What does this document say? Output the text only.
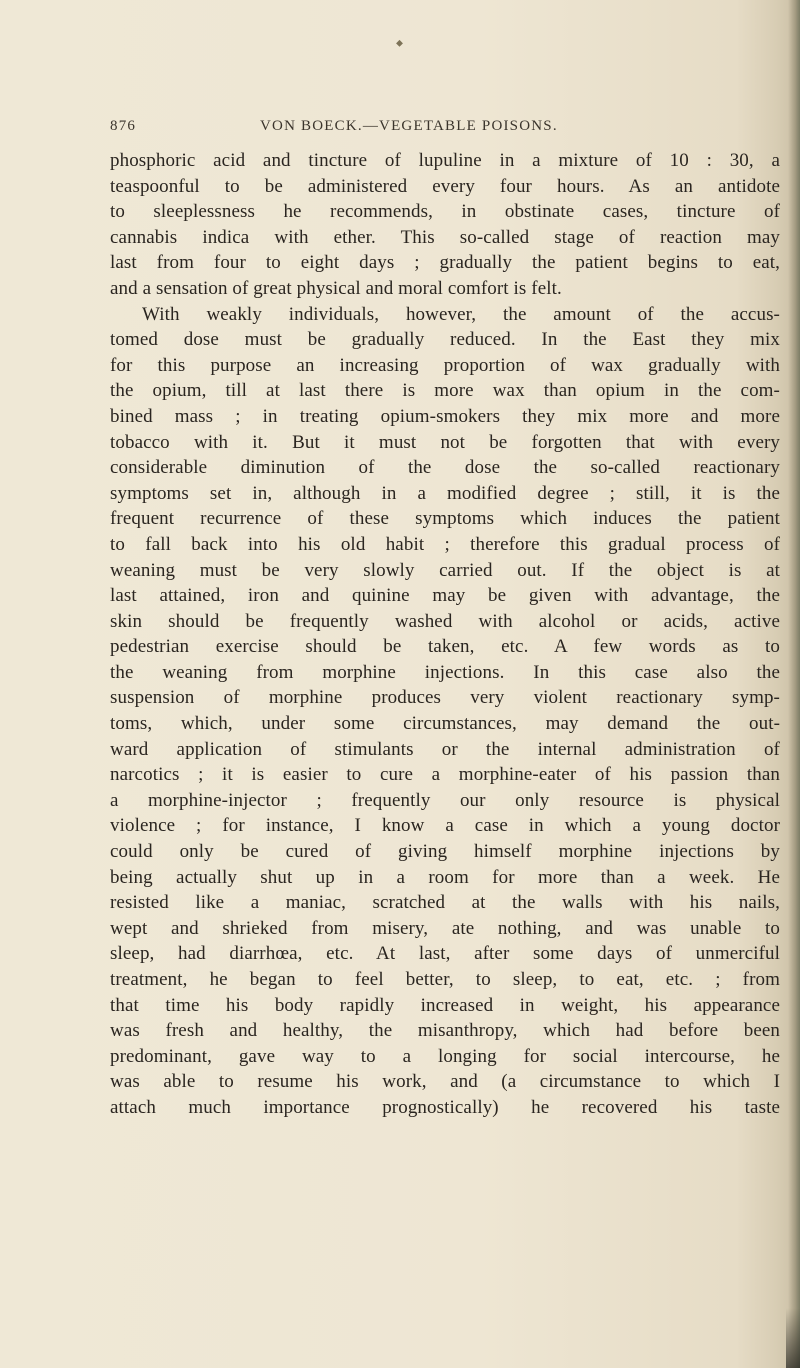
⬥
876	VON BOECK.—VEGETABLE POISONS.
phosphoric acid and tincture of lupuline in a mixture of 10 : 30, a
teaspoonful to be administered every four hours. As an antidote
to sleeplessness he recommends, in obstinate cases, tincture of
cannabis indica with ether. This so-called stage of reaction may
last from four to eight days ; gradually the patient begins to eat,
and a sensation of great physical and moral comfort is felt.
With weakly individuals, however, the amount of the accus-
tomed dose must be gradually reduced. In the East they mix
for this purpose an increasing proportion of wax gradually with
the opium, till at last there is more wax than opium in the com-
bined mass ; in treating opium-smokers they mix more and more
tobacco with it. But it must not be forgotten that with every
considerable diminution of the dose the so-called reactionary
symptoms set in, although in a modified degree ; still, it is the
frequent recurrence of these symptoms which induces the patient
to fall back into his old habit ; therefore this gradual process of
weaning must be very slowly carried out. If the object is at
last attained, iron and quinine may be given with advantage, the
skin should be frequently washed with alcohol or acids, active
pedestrian exercise should be taken, etc. A few words as to
the weaning from morphine injections. In this case also the
suspension of morphine produces very violent reactionary symp-
toms, which, under some circumstances, may demand the out-
ward application of stimulants or the internal administration of
narcotics ; it is easier to cure a morphine-eater of his passion than
a morphine-injector ; frequently our only resource is physical
violence ; for instance, I know a case in which a young doctor
could only be cured of giving himself morphine injections by
being actually shut up in a room for more than a week. He
resisted like a maniac, scratched at the walls with his nails,
wept and shrieked from misery, ate nothing, and was unable to
sleep, had diarrhœa, etc. At last, after some days of unmerciful
treatment, he began to feel better, to sleep, to eat, etc. ; from
that time his body rapidly increased in weight, his appearance
was fresh and healthy, the misanthropy, which had before been
predominant, gave way to a longing for social intercourse, he
was able to resume his work, and (a circumstance to which I
attach much importance prognostically) he recovered his taste
